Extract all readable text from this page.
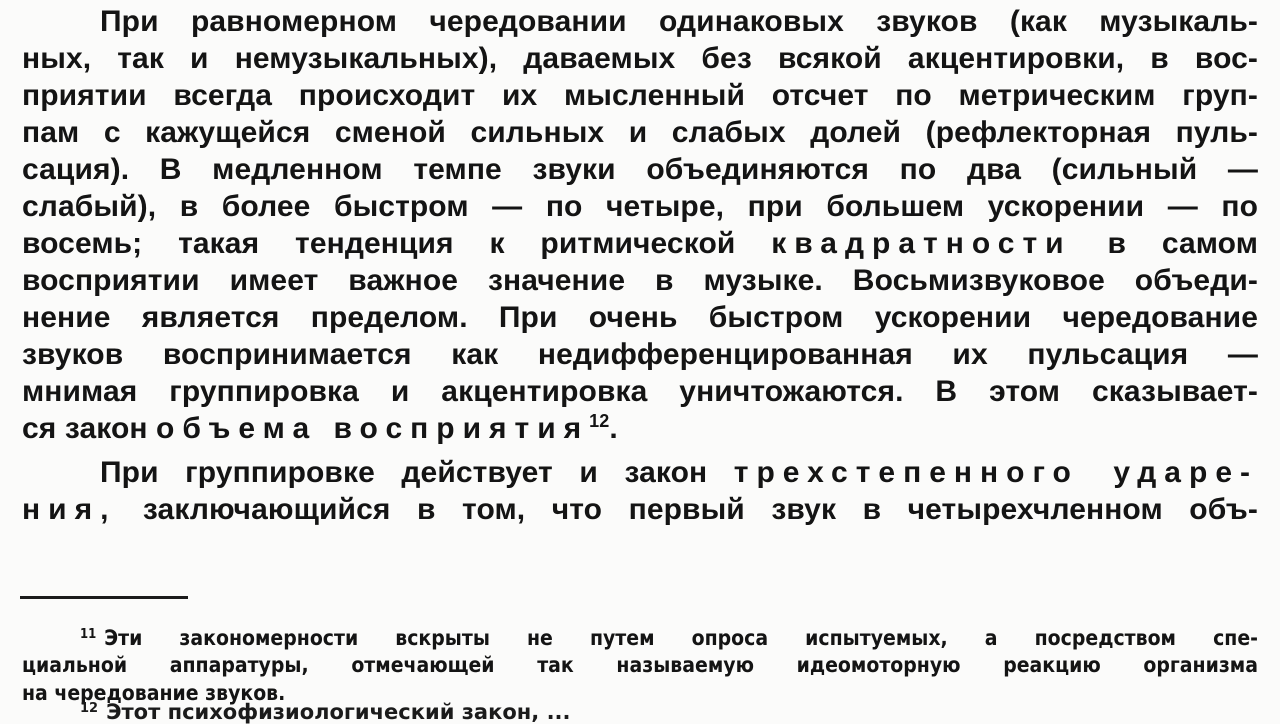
При равномерном чередовании одинаковых звуков (как музыкаль-
ных, так и немузыкальных), даваемых без всякой акцентировки, в вос-
приятии всегда происходит их мысленный отсчет по метрическим груп-
пам с кажущейся сменой сильных и слабых долей (рефлекторная пуль-
сация). В медленном темпе звуки объединяются по два (сильный —
слабый), в более быстром — по четыре, при большем ускорении — по
восемь; такая тенденция к ритмической квадратности в самом
восприятии имеет важное значение в музыке. Восьмизвуковое объеди-
нение является пределом. При очень быстром ускорении чередование
звуков воспринимается как недифференцированная их пульсация —
мнимая группировка и акцентировка уничтожаются. В этом сказывает-
ся закон объема восприятия$^{12}$.
При группировке действует и закон трехстепенного ударе-
ния, заключающийся в том, что первый звук в четырехчленном объ-
$^{11}$ Эти закономерности вскрыты не путем опроса испытуемых, а посредством спе-
циальной аппаратуры, отмечающей так называемую идеомоторную реакцию организма
на чередование звуков.
$^{12}$ Этот психофизиологический закон, ...
